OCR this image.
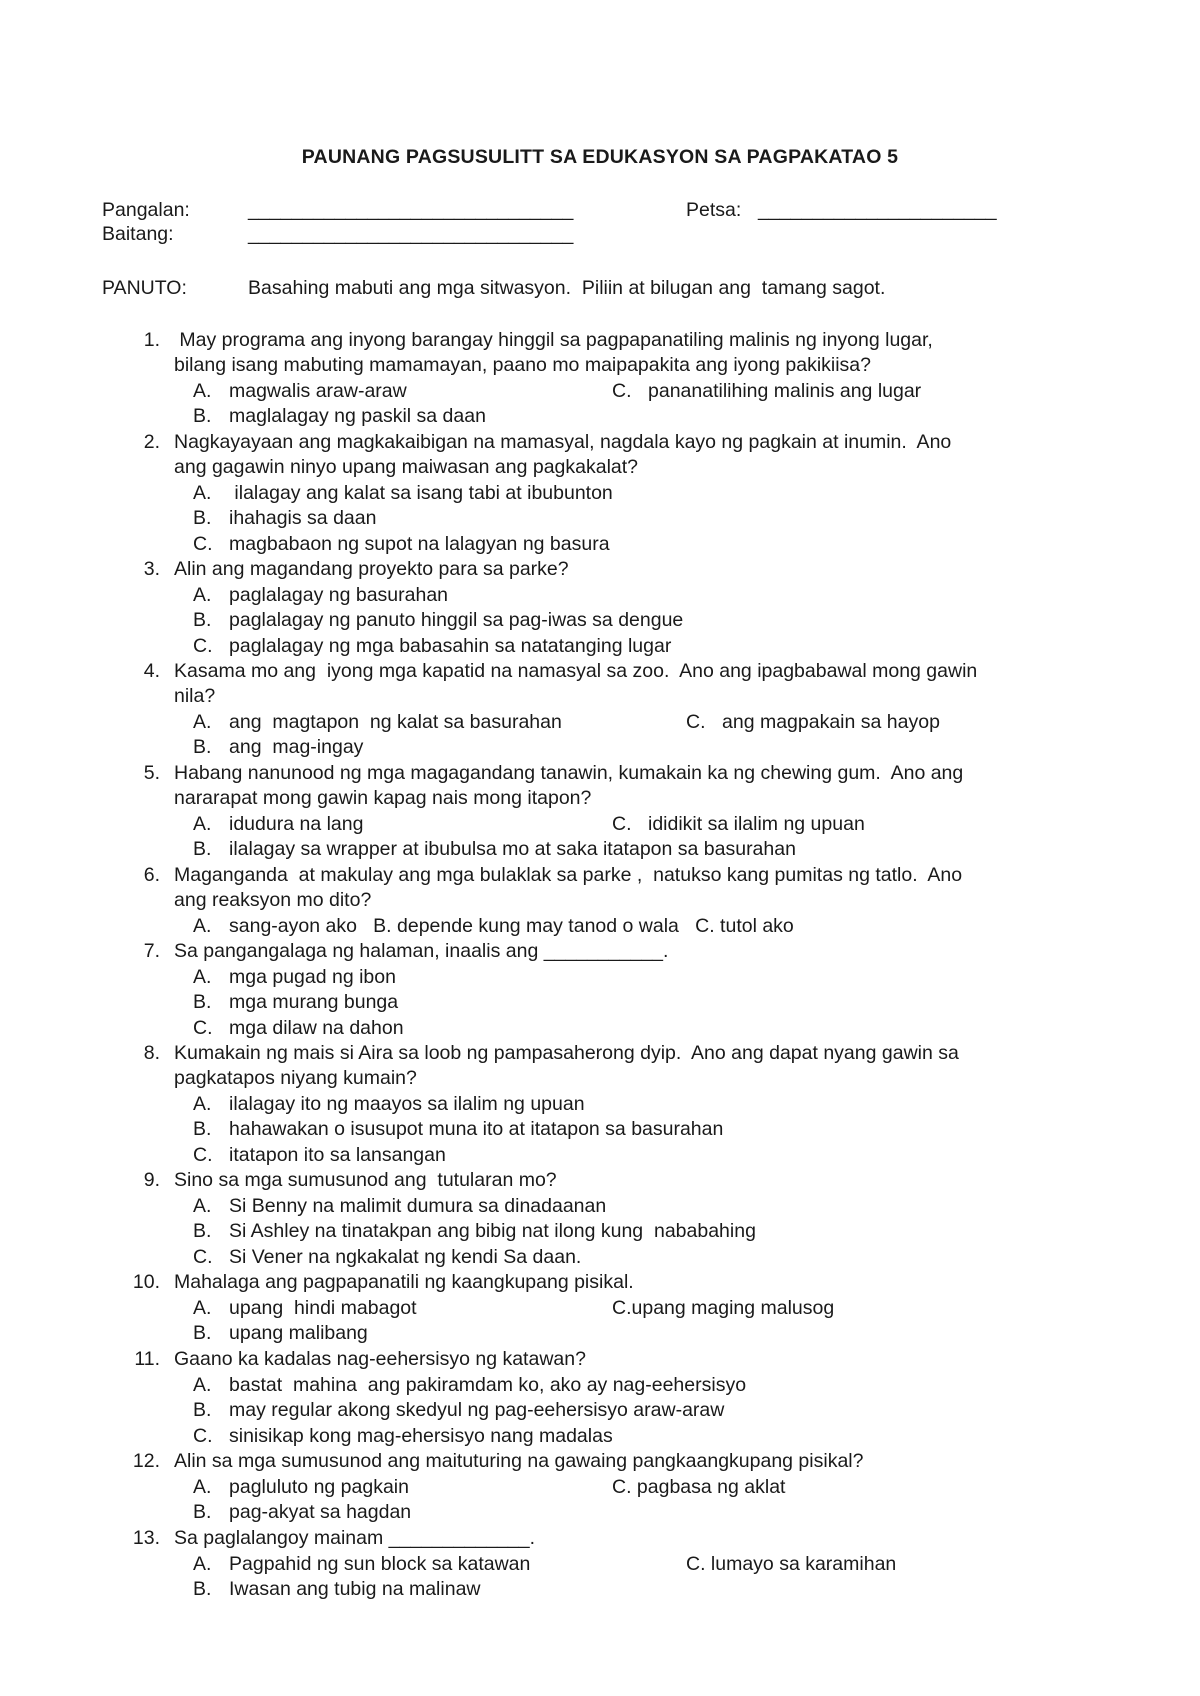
PAUNANG PAGSUSULITT SA EDUKASYON SA PAGPAKATAO 5
Pangalan:	______________________________	Petsa: ______________________
Baitang:	______________________________
PANUTO:	Basahing mabuti ang mga sitwasyon.  Piliin at bilugan ang  tamang sagot.
1. May programa ang inyong barangay hinggil sa pagpapanatiling malinis ng inyong lugar,
bilang isang mabuting mamamayan, paano mo maipapakita ang iyong pakikiisa?
A. magwalis araw-araw	C. pananatilihing malinis ang lugar
B. maglalagay ng paskil sa daan
2. Nagkayayaan ang magkakaibigan na mamasyal, nagdala kayo ng pagkain at inumin.  Ano
ang gagawin ninyo upang maiwasan ang pagkakalat?
A. ilalagay ang kalat sa isang tabi at ibubunton
B. ihahagis sa daan
C. magbabaon ng supot na lalagyan ng basura
3. Alin ang magandang proyekto para sa parke?
A. paglalagay ng basurahan
B. paglalagay ng panuto hinggil sa pag-iwas sa dengue
C. paglalagay ng mga babasahin sa natatanging lugar
4. Kasama mo ang  iyong mga kapatid na namasyal sa zoo.  Ano ang ipagbabawal mong gawin
nila?
A. ang  magtapon  ng kalat sa basurahan	C. ang magpakain sa hayop
B. ang  mag-ingay
5. Habang nanunood ng mga magagandang tanawin, kumakain ka ng chewing gum.  Ano ang
nararapat mong gawin kapag nais mong itapon?
A. idudura na lang	C. ididikit sa ilalim ng upuan
B. ilalagay sa wrapper at ibubulsa mo at saka itatapon sa basurahan
6. Maganganda  at makulay ang mga bulaklak sa parke ,  natukso kang pumitas ng tatlo.  Ano
ang reaksyon mo dito?
A. sang-ayon ako   B. depende kung may tanod o wala   C. tutol ako
7. Sa pangangalaga ng halaman, inaalis ang ___________.
A. mga pugad ng ibon
B. mga murang bunga
C. mga dilaw na dahon
8. Kumakain ng mais si Aira sa loob ng pampasaherong dyip.  Ano ang dapat nyang gawin sa
pagkatapos niyang kumain?
A. ilalagay ito ng maayos sa ilalim ng upuan
B. hahawakan o isusupot muna ito at itatapon sa basurahan
C. itatapon ito sa lansangan
9. Sino sa mga sumusunod ang  tutularan mo?
A. Si Benny na malimit dumura sa dinadaanan
B. Si Ashley na tinatakpan ang bibig nat ilong kung  nababahing
C. Si Vener na ngkakalat ng kendi Sa daan.
10. Mahalaga ang pagpapanatili ng kaangkupang pisikal.
A. upang  hindi mabagot	C.upang maging malusog
B. upang malibang
11. Gaano ka kadalas nag-eehersisyo ng katawan?
A. bastat  mahina  ang pakiramdam ko, ako ay nag-eehersisyo
B. may regular akong skedyul ng pag-eehersisyo araw-araw
C. sinisikap kong mag-ehersisyo nang madalas
12. Alin sa mga sumusunod ang maituturing na gawaing pangkaangkupang pisikal?
A. pagluluto ng pagkain	C. pagbasa ng aklat
B. pag-akyat sa hagdan
13. Sa paglalangoy mainam _____________.
A. Pagpahid ng sun block sa katawan	C. lumayo sa karamihan
B. Iwasan ang tubig na malinaw
